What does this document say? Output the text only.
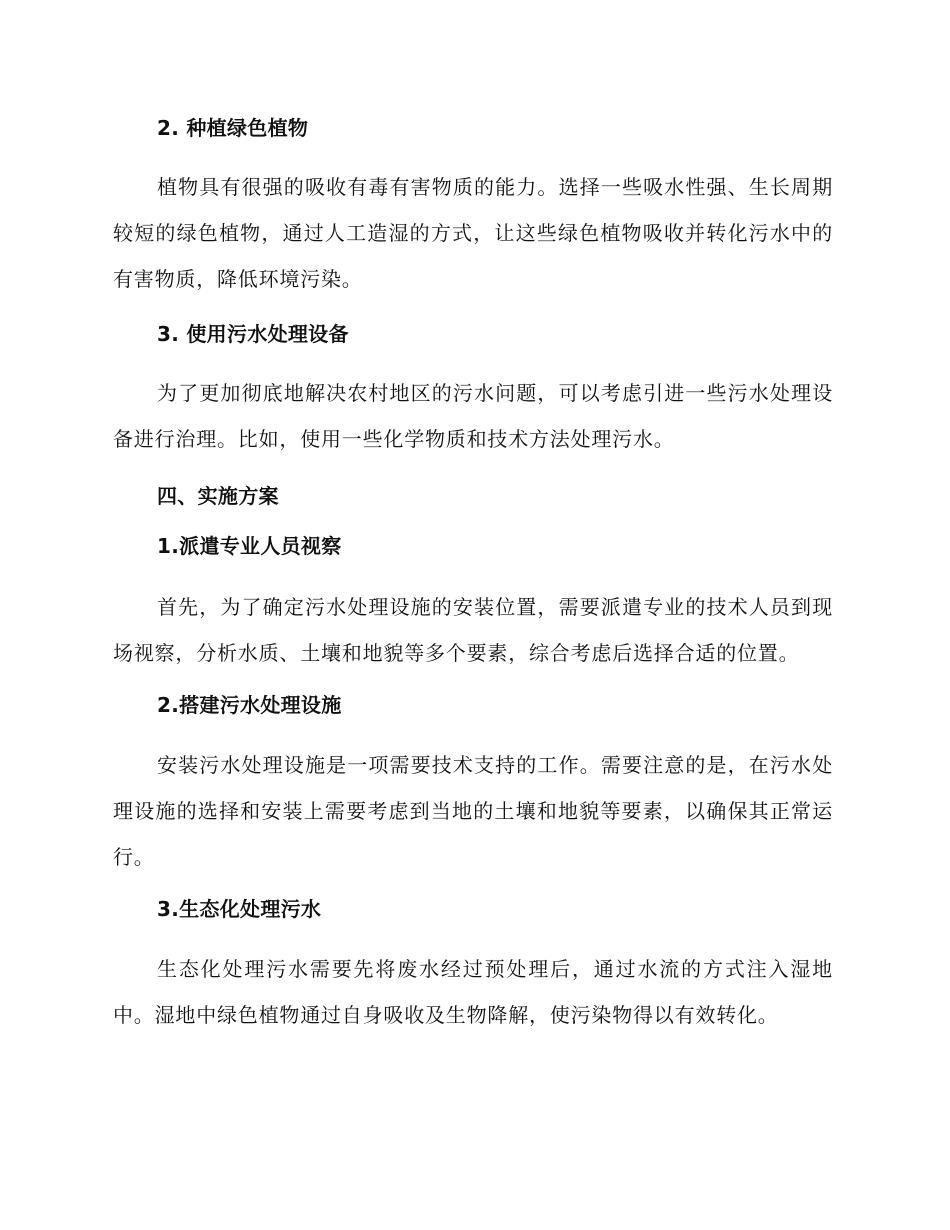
2. 种植绿色植物

植物具有很强的吸收有毒有害物质的能力。选择一些吸水性强、生长周期较短的绿色植物，通过人工造湿的方式，让这些绿色植物吸收并转化污水中的有害物质，降低环境污染。

3. 使用污水处理设备

为了更加彻底地解决农村地区的污水问题，可以考虑引进一些污水处理设备进行治理。比如，使用一些化学物质和技术方法处理污水。

四、实施方案
1.派遣专业人员视察

首先，为了确定污水处理设施的安装位置，需要派遣专业的技术人员到现场视察，分析水质、土壤和地貌等多个要素，综合考虑后选择合适的位置。

2.搭建污水处理设施

安装污水处理设施是一项需要技术支持的工作。需要注意的是，在污水处理设施的选择和安装上需要考虑到当地的土壤和地貌等要素，以确保其正常运行。

3.生态化处理污水

生态化处理污水需要先将废水经过预处理后，通过水流的方式注入湿地中。湿地中绿色植物通过自身吸收及生物降解，使污染物得以有效转化。
